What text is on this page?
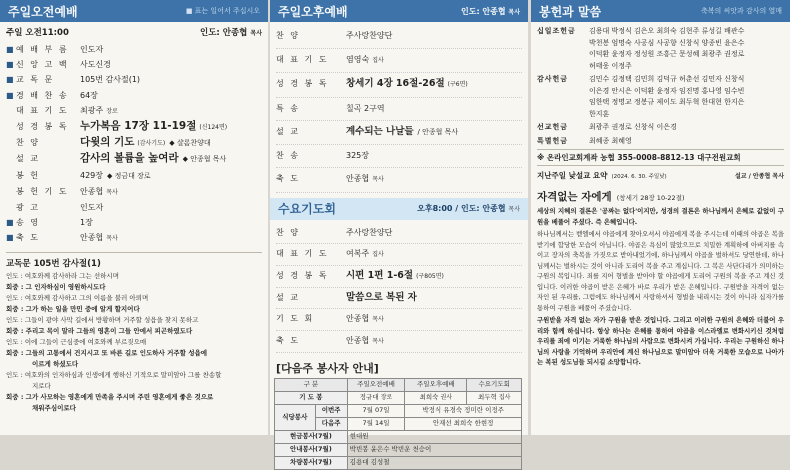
주일오전예배	■ 표는 일어서 주십시오
주일 오전11:00	인도: 안종협 목사
■ 예 배 부 름	인도자
■ 신 앙 고 백	사도신경
■ 교 독 문	105번 감사절(1)
■ 경 배 찬 송	64장
대 표 기 도	최광주 장로
성 경 봉 독	누가복음 17장 11-19절 (신124면)
찬 양	다윗의 기도 (감사기도) ◆ 샬롬찬양대
설 교	감사의 볼륨을 높여라 ◆ 안종협 목사
봉 헌	429장 ◆ 정금대 장로
봉 헌 기 도	안종협 목사
광 고	인도자
■ 송 영	1장
■ 축 도	안종협 목사
교독문 105번 감사절(1)
인도 : 여호와께 감사하라 그는 선하시며
회중 : 그 인자하심이 영원하시도다
인도 : 여호와께 감사하고 그의 이름을 불러 아뢰며
회중 : 그가 하는 일을 만민 중에 알게 할지어다
인도 : 그들이 광야 사막 길에서 방황하며 거주할 성읍을 찾지 못하고
회중 : 주리고 목이 말라 그들의 영혼이 그들 안에서 피곤하였도다
인도 : 이에 그들이 근심중에 여호와께 부르짖으매
회중 : 그들의 고통에서 건지시고 또 바른 길로 인도하사 거주할 성읍에
이르게 하셨도다
인도 : 여호와의 인자하심과 인생에게 행하신 기적으로 말미암아 그를 찬송할
지로다
회중 : 그가 사모하는 영혼에게 만족을 주시며 주린 영혼에게 좋은 것으로
채워주심이로다
주일오후예배	인도: 안종협 목사
찬 양	주사랑찬양단
대 표 기 도	염영숙 집사
성 경 봉 독	창세기 4장 16절-26절 (구6면)
특 송	칠곡 2구역
설 교	계수되는 나날들 / 안종협 목사
찬 송	325장
축 도	안종협 목사
수요기도회	오후8:00 / 인도: 안종협 목사
찬 양	주사랑찬양단
대 표 기 도	여복주 집사
성 경 봉 독	시편 1편 1-6절 (구805면)
설 교	말씀으로 복된 자
기 도 회	안종협 목사
축 도	안종협 목사
[다음주 봉사자 안내]
구 분		주일오전예배	주일오후예배	수요기도회
기 도 봉		정규대 장로	최희숙 권사	최두혁 집사
식당봉사	이번주	7월 07일	박정식 유경숙 정미란 이정주	
	다음주	7월 14일	안재선 최희숙 한현정	
현금봉사(7월)		현대원		
안내봉사(7월)		박빈봉 윤은수 박빈운 천승이		
차량봉사(7월)		김용대 김성철		
봉헌과 말씀	축복의 씨앗과 감사의 열매
십일조헌금	김용대 박정식 김은오 최희숙 김현주 류성길 배관수
박천봉 엄명숙 사공심 사공향 신창식 양종빈 윤은수
이덕환 윤정자 정성원 조흥근 문성혜 최광주 권정로
허태웅 이정주
감사헌금	김민수 김정택 김민희 김덕규 허춘선 김민자 신창식
이은경 안시은 이덕환 윤정자 임진명 홍나영 임수빈
임한택 정명교 정봉규 제이도 최두혁 한대현 한지은
한지훈
선교헌금	최광주 권정로 신창식 이은경
특별헌금	최혜종 최혜영
※ 온라인교회계좌 농협 355-0008-8812-13 대구전원교회
지난주일 낮설교 요약 (2024. 6. 30. 주일낮)	설교 / 안종협 목사
자격없는 자에게 (창세기 28장 10-22절)

세상의 지혜의 결론은 '공짜는 없다'이지만, 성경의 결론은 하나님께서 은혜로 값없이 구원을 베풀어 주셨다. 즉 은혜입니다.

하나님께서는 벧엘에서 야곱에게 찾아오셔서 야곱에게 복을 주시는데 이때의 야곱은 복을 받기에 합당한 모습이 아닙니다. 야곱은 욕심이 많았으므로 치밀한 계획하에 아버지를 속이고 장자의 축복을 가짓으로 받아내었기에, 하나님께서 야곱을 벌하셔도 당연한데, 하나님께서는 벌하시는 것이 아니라 도리어 복을 주고 계십니다. 그 복은 사단다리가 의미하는 구원의 복입니다. 죄를 지어 형벌을 받아야 할 야곱에게 도리어 구원의 복을 주고 계신 것입니다. 이러한 야곱이 받은 은혜가 바로 우리가 받은 은혜입니다. 구원받을 자격이 없는 자인 된 우리를, 그럼에도 하나님께서 사랑하셔서 형벌을 내리시는 것이 아니라 십자가를 통하여 구원을 베풀어 주셨습니다.

구원받을 자격 없는 자가 구원을 받은 것입니다. 그리고 이러한 구원의 은혜와 더불어 우리와 함께 하십니다. 항상 하나는 은혜를 통하여 야곱을 이스라엘로 변화시키신 것처럼 우리를 죄에 이기는 거룩한 하나님의 사람으로 변화시켜 가십니다. 우리는 구원하신 하나님의 사랑을 기억하며 우리안에 계신 하나님으로 말미암아 더욱 거룩한 모습으로 나아가는 복된 성도님들 되시길 소망합니다.
